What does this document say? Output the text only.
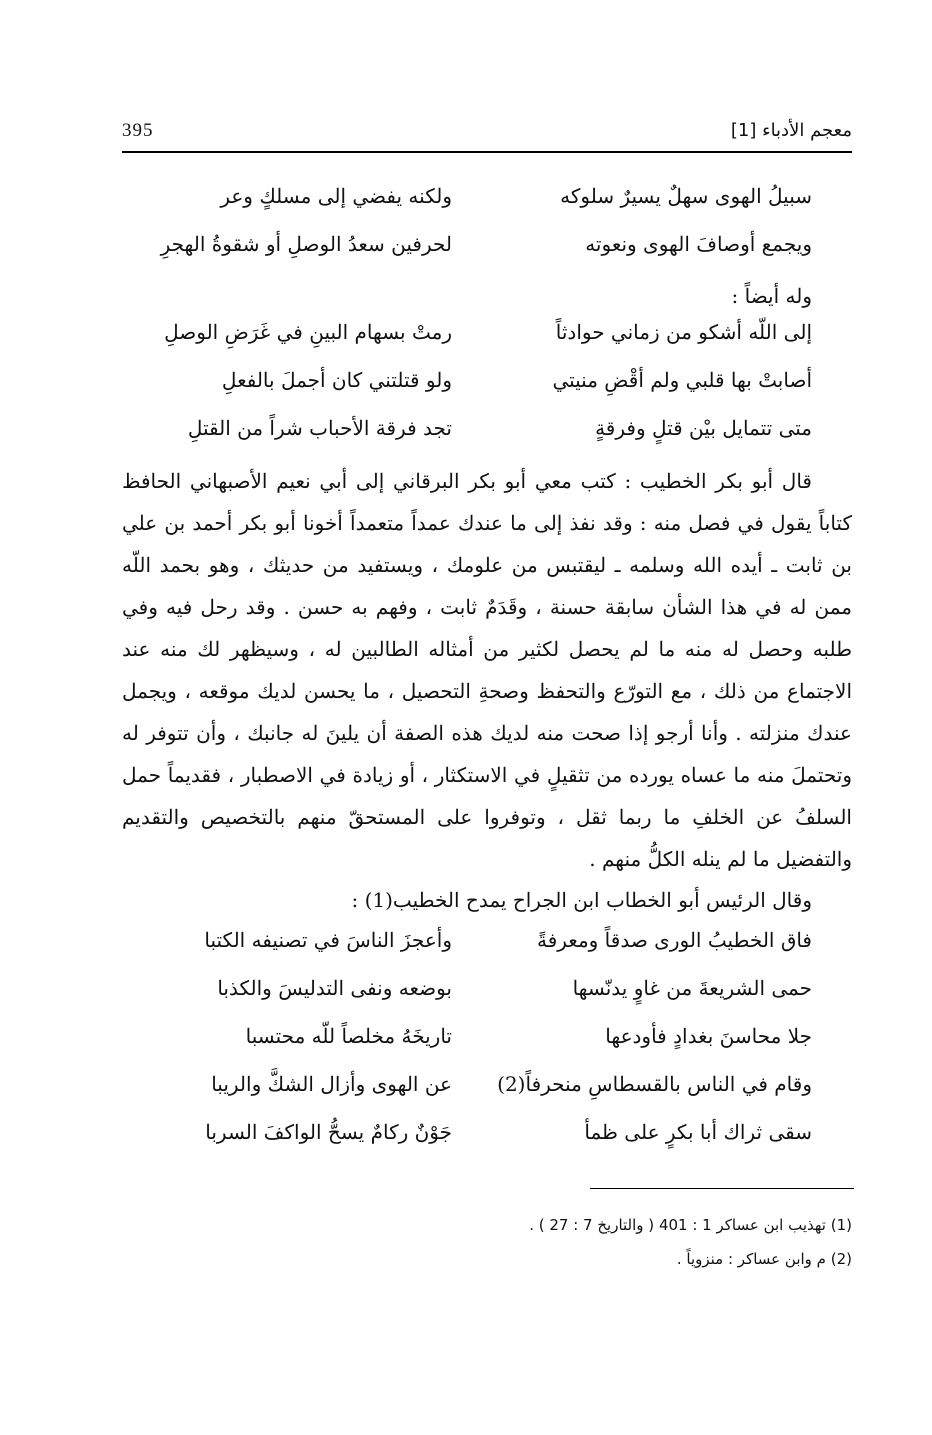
395	معجم الأدباء [1]
سبيلُ الهوى سهلٌ يسيرٌ سلوكه
ولكنه يفضي إلى مسلكٍ وعر
ويجمع أوصافَ الهوى ونعوته
لحرفين سعدُ الوصلِ أو شقوةُ الهجرِ
وله أيضاً :
إلى اللّه أشكو من زماني حوادثاً
رمتْ بسهام البينِ في غَرَضِ الوصلِ
أصابتْ بها قلبي ولم أقْضِ منيتي
ولو قتلتني كان أجملَ بالفعلِ
متى تتمايل بيْن قتلٍ وفرقةٍ
تجد فرقة الأحباب شراً من القتلِ

قال أبو بكر الخطيب : كتب معي أبو بكر البرقاني إلى أبي نعيم الأصبهاني الحافظ كتاباً يقول في فصل منه : وقد نفذ إلى ما عندك عمداً متعمداً أخونا أبو بكر أحمد بن علي بن ثابت ـ أيده الله وسلمه ـ ليقتبس من علومك ، ويستفيد من حديثك ، وهو بحمد اللّه ممن له في هذا الشأن سابقة حسنة ، وقَدَمٌ ثابت ، وفهم به حسن . وقد رحل فيه وفي طلبه وحصل له منه ما لم يحصل لكثير من أمثاله الطالبين له ، وسيظهر لك منه عند الاجتماع من ذلك ، مع التورّع والتحفظ وصحةِ التحصيل ، ما يحسن لديك موقعه ، ويجمل عندك منزلته . وأنا أرجو إذا صحت منه لديك هذه الصفة أن يلينَ له جانبك ، وأن تتوفر له وتحتملَ منه ما عساه يورده من تثقيلٍ في الاستكثار ، أو زيادة في الاصطبار ، فقديماً حمل السلفُ عن الخلفِ ما ربما ثقل ، وتوفروا على المستحقّ منهم بالتخصيص والتقديم والتفضيل ما لم ينله الكلُّ منهم .

وقال الرئيس أبو الخطاب ابن الجراح يمدح الخطيب(1) :
فاق الخطيبُ الورى صدقاً ومعرفةً
وأعجزَ الناسَ في تصنيفه الكتبا
حمى الشريعةَ من غاوٍ يدنّسها
بوضعه ونفى التدليسَ والكذبا
جلا محاسنَ بغدادٍ فأودعها
تاريخَهُ مخلصاً للّه محتسبا
وقام في الناس بالقسطاسِ منحرفاً(2)
عن الهوى وأزال الشكَّ والريبا
سقى ثراك أبا بكرٍ على ظمأ
جَوْنٌ ركامٌ يسحُّ الواكفَ السربا
(1) تهذيب ابن عساكر 1 : 401 ( والتاريخ 7 : 27 ) .
(2) م وابن عساكر : منزوياً .
